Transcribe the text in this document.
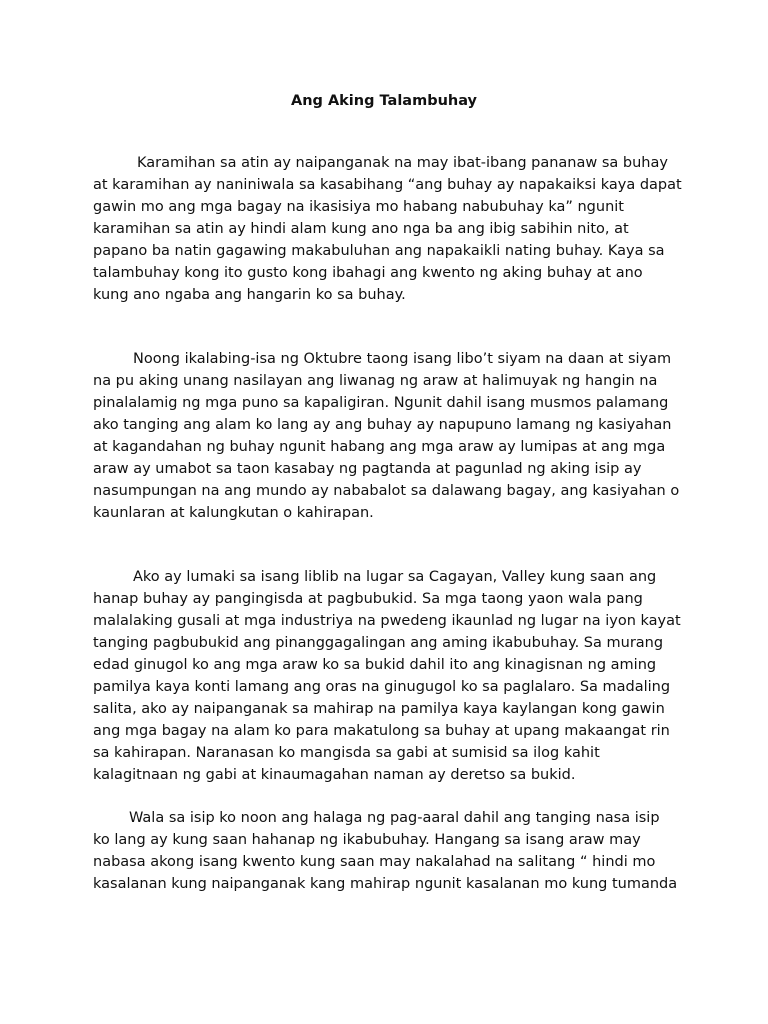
Ang Aking Talambuhay
Karamihan sa atin ay naipanganak na may ibat-ibang pananaw sa buhay
at karamihan ay naniniwala sa kasabihang “ang buhay ay napakaiksi kaya dapat
gawin mo ang mga bagay na ikasisiya mo habang nabubuhay ka” ngunit
karamihan sa atin ay hindi alam kung ano nga ba ang ibig sabihin nito, at
papano ba natin gagawing makabuluhan ang napakaikli nating buhay. Kaya sa
talambuhay kong ito gusto kong ibahagi ang kwento ng aking buhay at ano
kung ano ngaba ang hangarin ko sa buhay.
Noong ikalabing-isa ng Oktubre taong isang libo’t siyam na daan at siyam
na pu aking unang nasilayan ang liwanag ng araw at halimuyak ng hangin na
pinalalamig ng mga puno sa kapaligiran. Ngunit dahil isang musmos palamang
ako tanging ang alam ko lang ay ang buhay ay napupuno lamang ng kasiyahan
at kagandahan ng buhay ngunit habang ang mga araw ay lumipas at ang mga
araw ay umabot sa taon kasabay ng pagtanda at pagunlad ng aking isip ay
nasumpungan na ang mundo ay nababalot sa dalawang bagay, ang kasiyahan o
kaunlaran at kalungkutan o kahirapan.
Ako ay lumaki sa isang liblib na lugar sa Cagayan, Valley kung saan ang
hanap buhay ay pangingisda at pagbubukid. Sa mga taong yaon wala pang
malalaking gusali at mga industriya na pwedeng ikaunlad ng lugar na iyon kayat
tanging pagbubukid ang pinanggagalingan ang aming ikabubuhay. Sa murang
edad ginugol ko ang mga araw ko sa bukid dahil ito ang kinagisnan ng aming
pamilya kaya konti lamang ang oras na ginugugol ko sa paglalaro. Sa madaling
salita, ako ay naipanganak sa mahirap na pamilya kaya kaylangan kong gawin
ang mga bagay na alam ko para makatulong sa buhay at upang makaangat rin
sa kahirapan. Naranasan ko mangisda sa gabi at sumisid sa ilog kahit
kalagitnaan ng gabi at kinaumagahan naman ay deretso sa bukid.
Wala sa isip ko noon ang halaga ng pag-aaral dahil ang tanging nasa isip
ko lang ay kung saan hahanap ng ikabubuhay. Hangang sa isang araw may
nabasa akong isang kwento kung saan may nakalahad na salitang “ hindi mo
kasalanan kung naipanganak kang mahirap ngunit kasalanan mo kung tumanda
